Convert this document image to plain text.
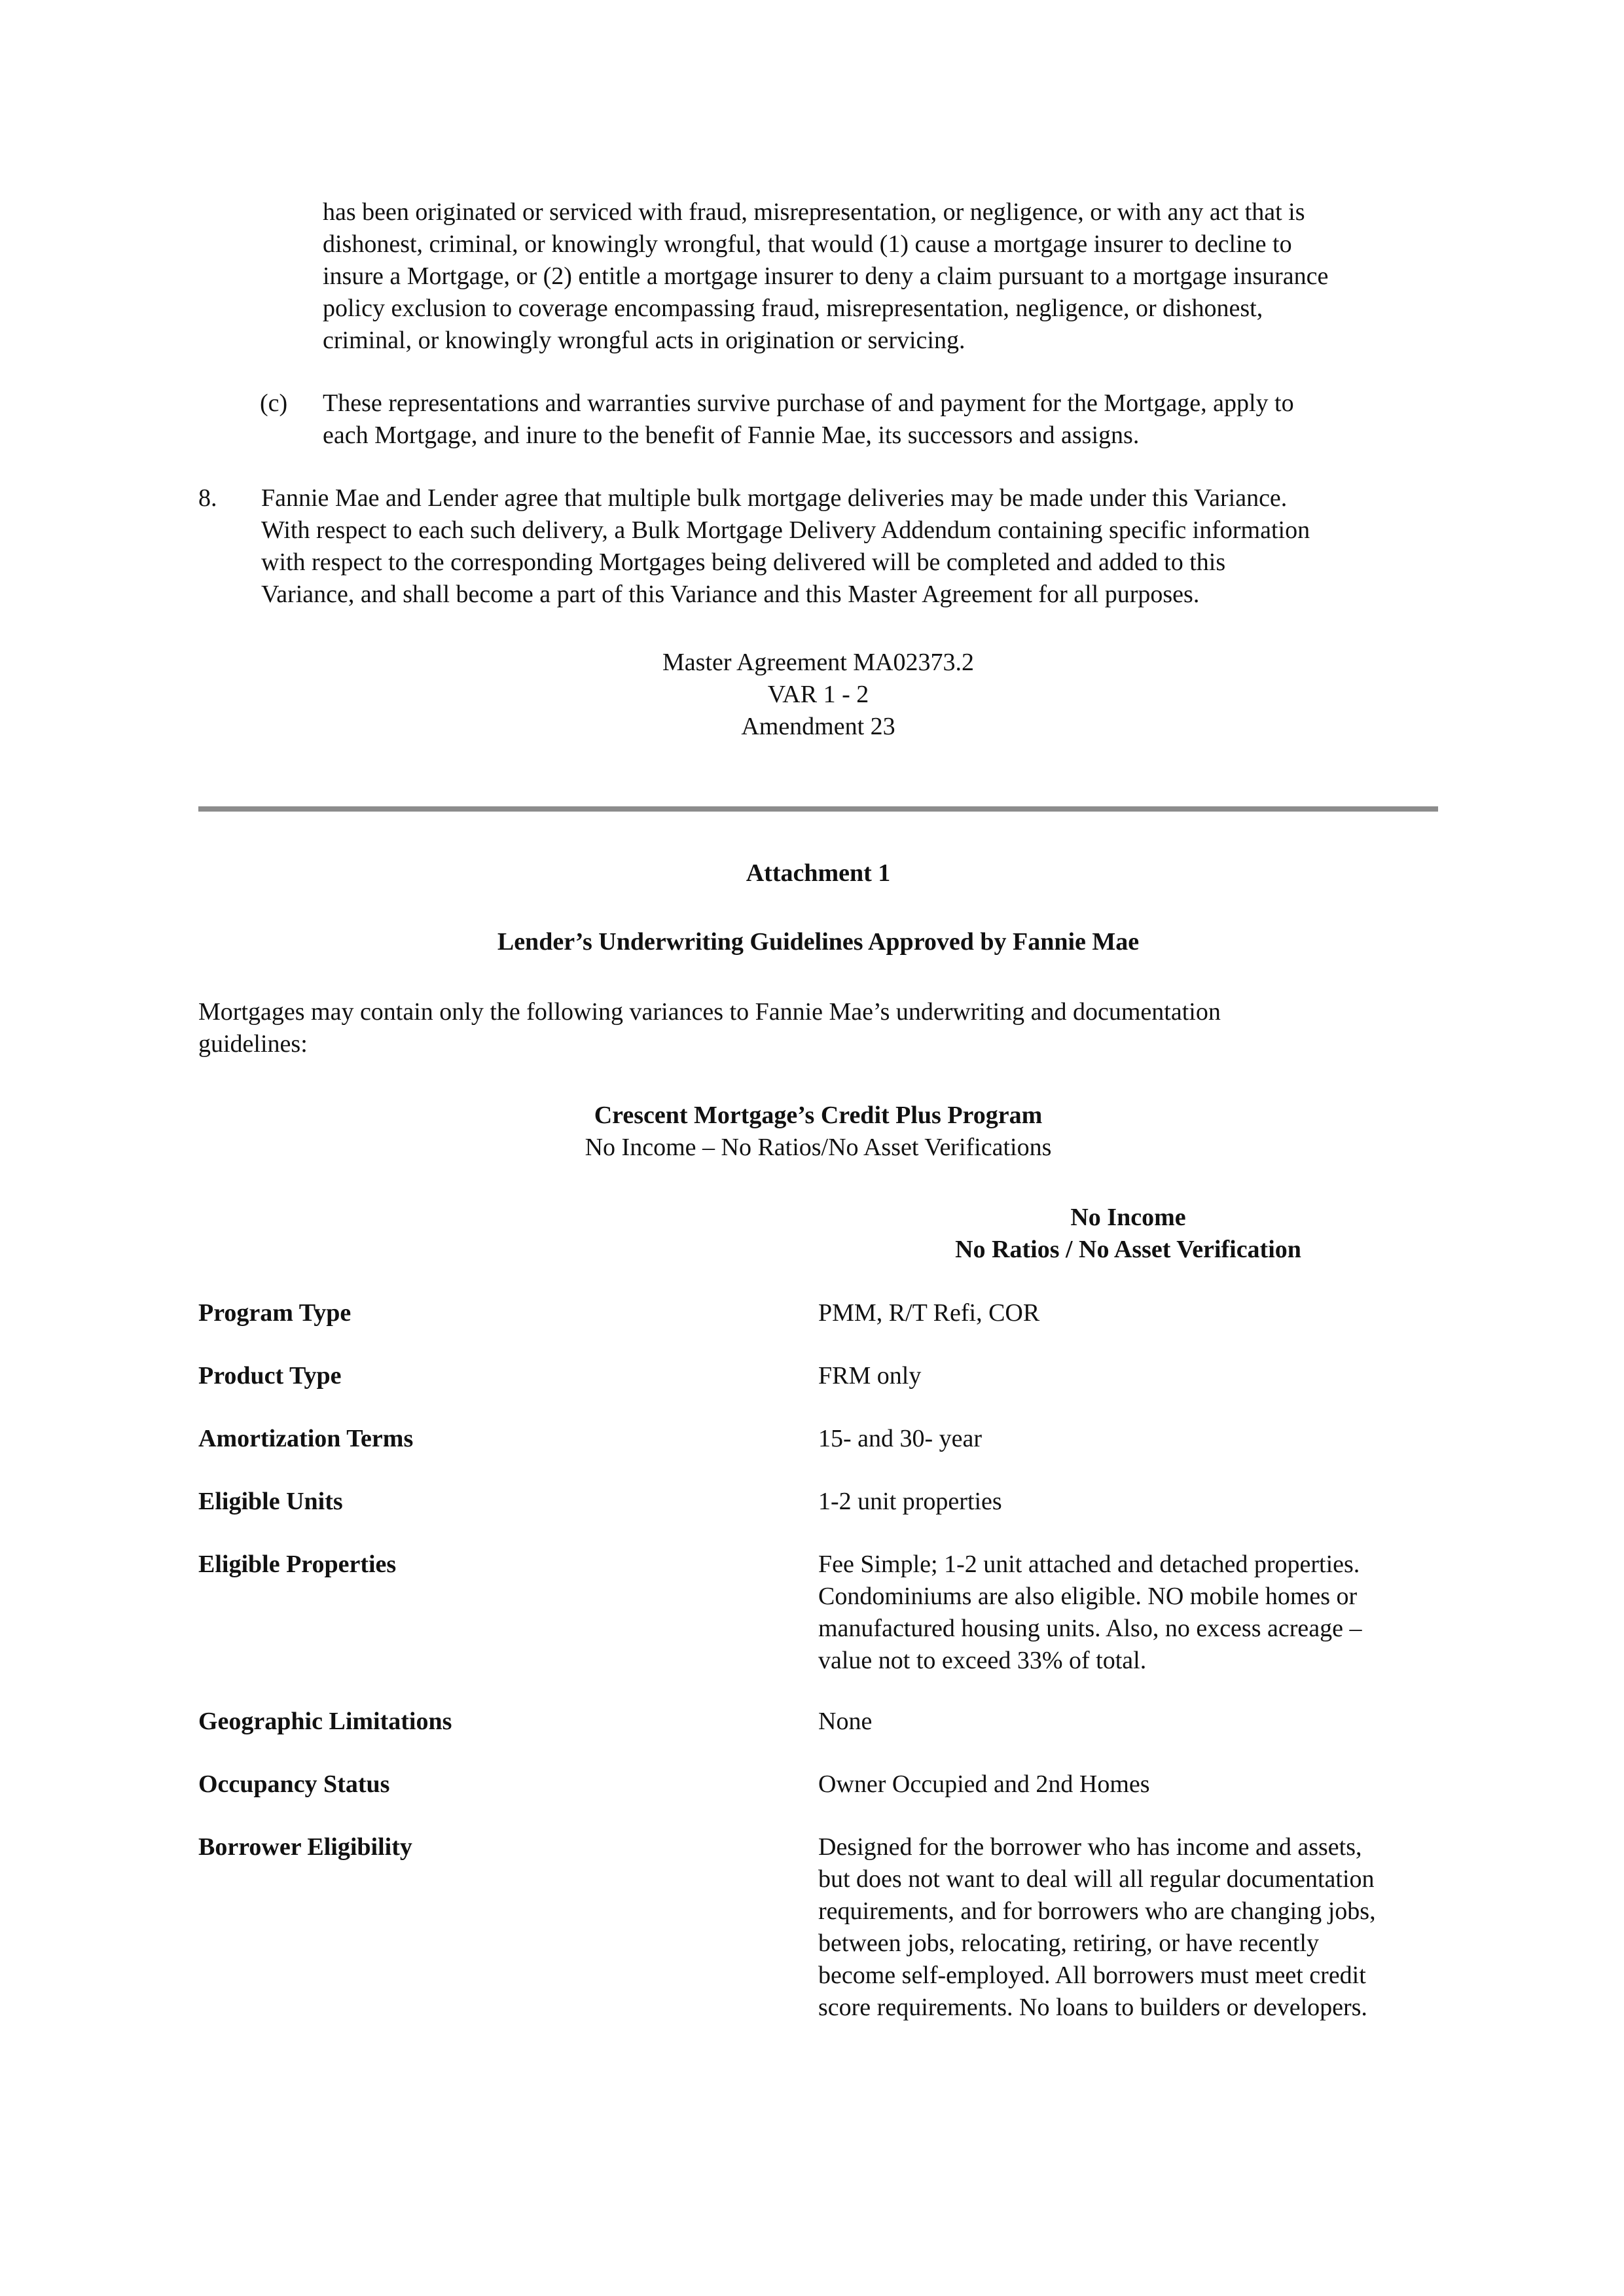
has been originated or serviced with fraud, misrepresentation, or negligence, or with any act that is
dishonest, criminal, or knowingly wrongful, that would (1) cause a mortgage insurer to decline to
insure a Mortgage, or (2) entitle a mortgage insurer to deny a claim pursuant to a mortgage insurance
policy exclusion to coverage encompassing fraud, misrepresentation, negligence, or dishonest,
criminal, or knowingly wrongful acts in origination or servicing.
(c) These representations and warranties survive purchase of and payment for the Mortgage, apply to
each Mortgage, and inure to the benefit of Fannie Mae, its successors and assigns.
8. Fannie Mae and Lender agree that multiple bulk mortgage deliveries may be made under this Variance.
With respect to each such delivery, a Bulk Mortgage Delivery Addendum containing specific information
with respect to the corresponding Mortgages being delivered will be completed and added to this
Variance, and shall become a part of this Variance and this Master Agreement for all purposes.
Master Agreement MA02373.2
VAR 1 - 2
Amendment 23
Attachment 1
Lender’s Underwriting Guidelines Approved by Fannie Mae
Mortgages may contain only the following variances to Fannie Mae’s underwriting and documentation
guidelines:
Crescent Mortgage’s Credit Plus Program
No Income – No Ratios/No Asset Verifications
No Income
No Ratios / No Asset Verification
Program Type	PMM, R/T Refi, COR
Product Type	FRM only
Amortization Terms	15- and 30- year
Eligible Units	1-2 unit properties
Eligible Properties	Fee Simple; 1-2 unit attached and detached properties.
Condominiums are also eligible. NO mobile homes or
manufactured housing units. Also, no excess acreage –
value not to exceed 33% of total.
Geographic Limitations	None
Occupancy Status	Owner Occupied and 2nd Homes
Borrower Eligibility	Designed for the borrower who has income and assets,
but does not want to deal will all regular documentation
requirements, and for borrowers who are changing jobs,
between jobs, relocating, retiring, or have recently
become self-employed. All borrowers must meet credit
score requirements. No loans to builders or developers.
